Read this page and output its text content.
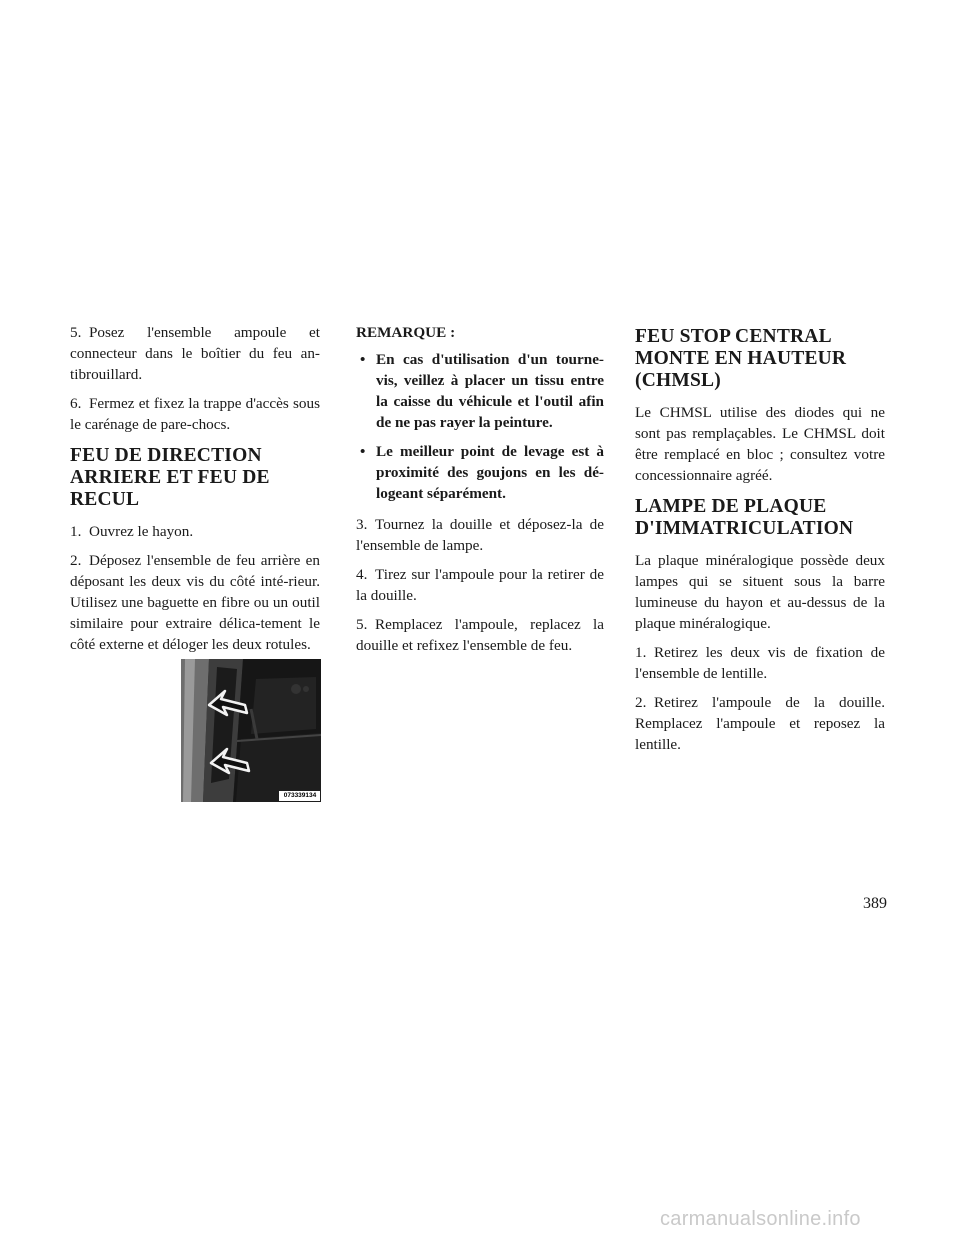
5. Posez l'ensemble ampoule et connecteur dans le boîtier du feu an-tibrouillard.

6. Fermez et fixez la trappe d'accès sous le carénage de pare-chocs.

FEU DE DIRECTION ARRIERE ET FEU DE RECUL

1. Ouvrez le hayon.

2. Déposez l'ensemble de feu arrière en déposant les deux vis du côté inté-rieur. Utilisez une baguette en fibre ou un outil similaire pour extraire délica-tement le côté externe et déloger les deux rotules.

073339134

REMARQUE :

• En cas d'utilisation d'un tourne-vis, veillez à placer un tissu entre la caisse du véhicule et l'outil afin de ne pas rayer la peinture.
• Le meilleur point de levage est à proximité des goujons en les dé-logeant séparément.

3. Tournez la douille et déposez-la de l'ensemble de lampe.

4. Tirez sur l'ampoule pour la retirer de la douille.

5. Remplacez l'ampoule, replacez la douille et refixez l'ensemble de feu.

FEU STOP CENTRAL MONTE EN HAUTEUR (CHMSL)

Le CHMSL utilise des diodes qui ne sont pas remplaçables. Le CHMSL doit être remplacé en bloc ; consultez votre concessionnaire agréé.

LAMPE DE PLAQUE D'IMMATRICULATION

La plaque minéralogique possède deux lampes qui se situent sous la barre lumineuse du hayon et au-dessus de la plaque minéralogique.

1. Retirez les deux vis de fixation de l'ensemble de lentille.

2. Retirez l'ampoule de la douille. Remplacez l'ampoule et reposez la lentille.

389
carmanualsonline.info
